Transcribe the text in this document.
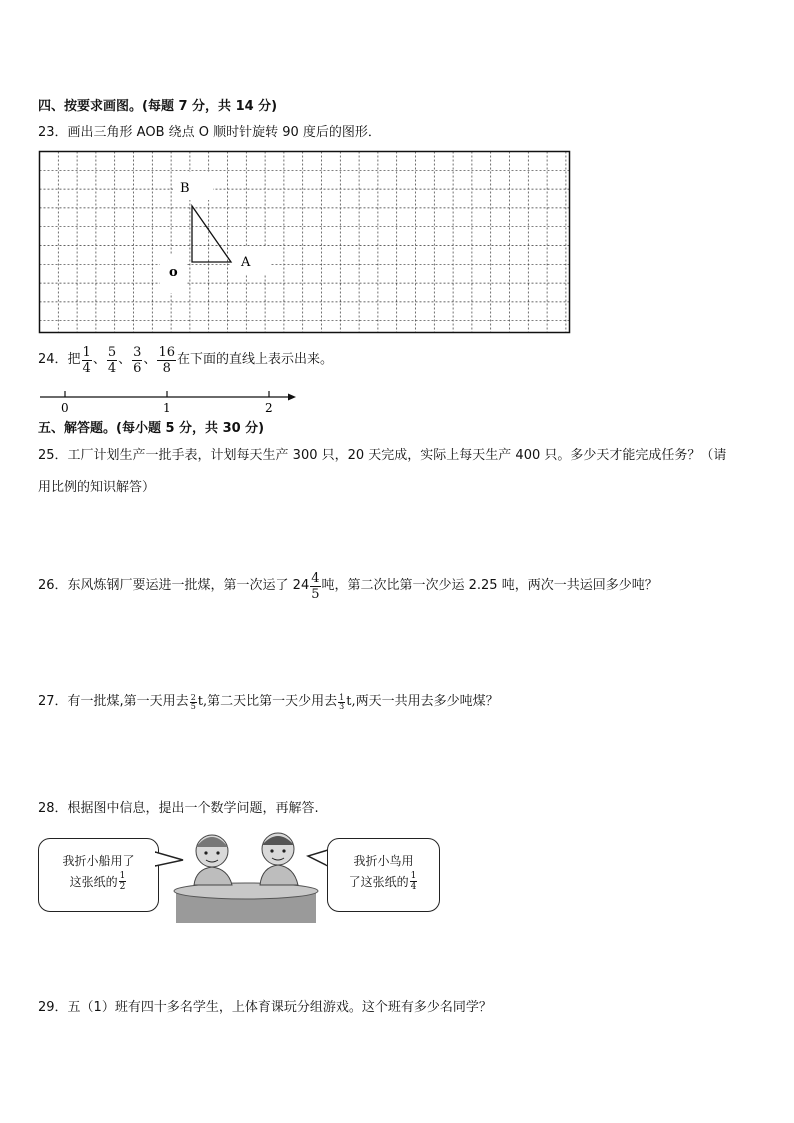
四、按要求画图。(每题 7 分，共 14 分)
23．画出三角形 AOB 绕点 O 顺时针旋转 90 度后的图形．
B
o
A
24．把 $\frac{1}{4}$ 、 $\frac{5}{4}$ 、 $\frac{3}{6}$ 、 $\frac{16}{8}$ 在下面的直线上表示出来。
0	1	2
五、解答题。(每小题 5 分，共 30 分)
25．工厂计划生产一批手表，计划每天生产 300 只，20 天完成，实际上每天生产 400 只。多少天才能完成任务？（请
用比例的知识解答）
26．东风炼钢厂要运进一批煤，第一次运了 $24 \frac{4}{5}$ 吨，第二次比第一次少运 2.25 吨，两次一共运回多少吨？
27．有一批煤,第一天用去 $\frac{2}{5} t$, 第二天比第一天少用去 $\frac{1}{3} t$, 两天一共用去多少吨煤？
28．根据图中信息，提出一个数学问题，再解答.
我折小船用了
这张纸的 $\frac{1}{2}$
我折小鸟用
了这张纸的 $\frac{1}{4}$
29．五（1）班有四十多名学生，上体育课玩分组游戏。这个班有多少名同学？
